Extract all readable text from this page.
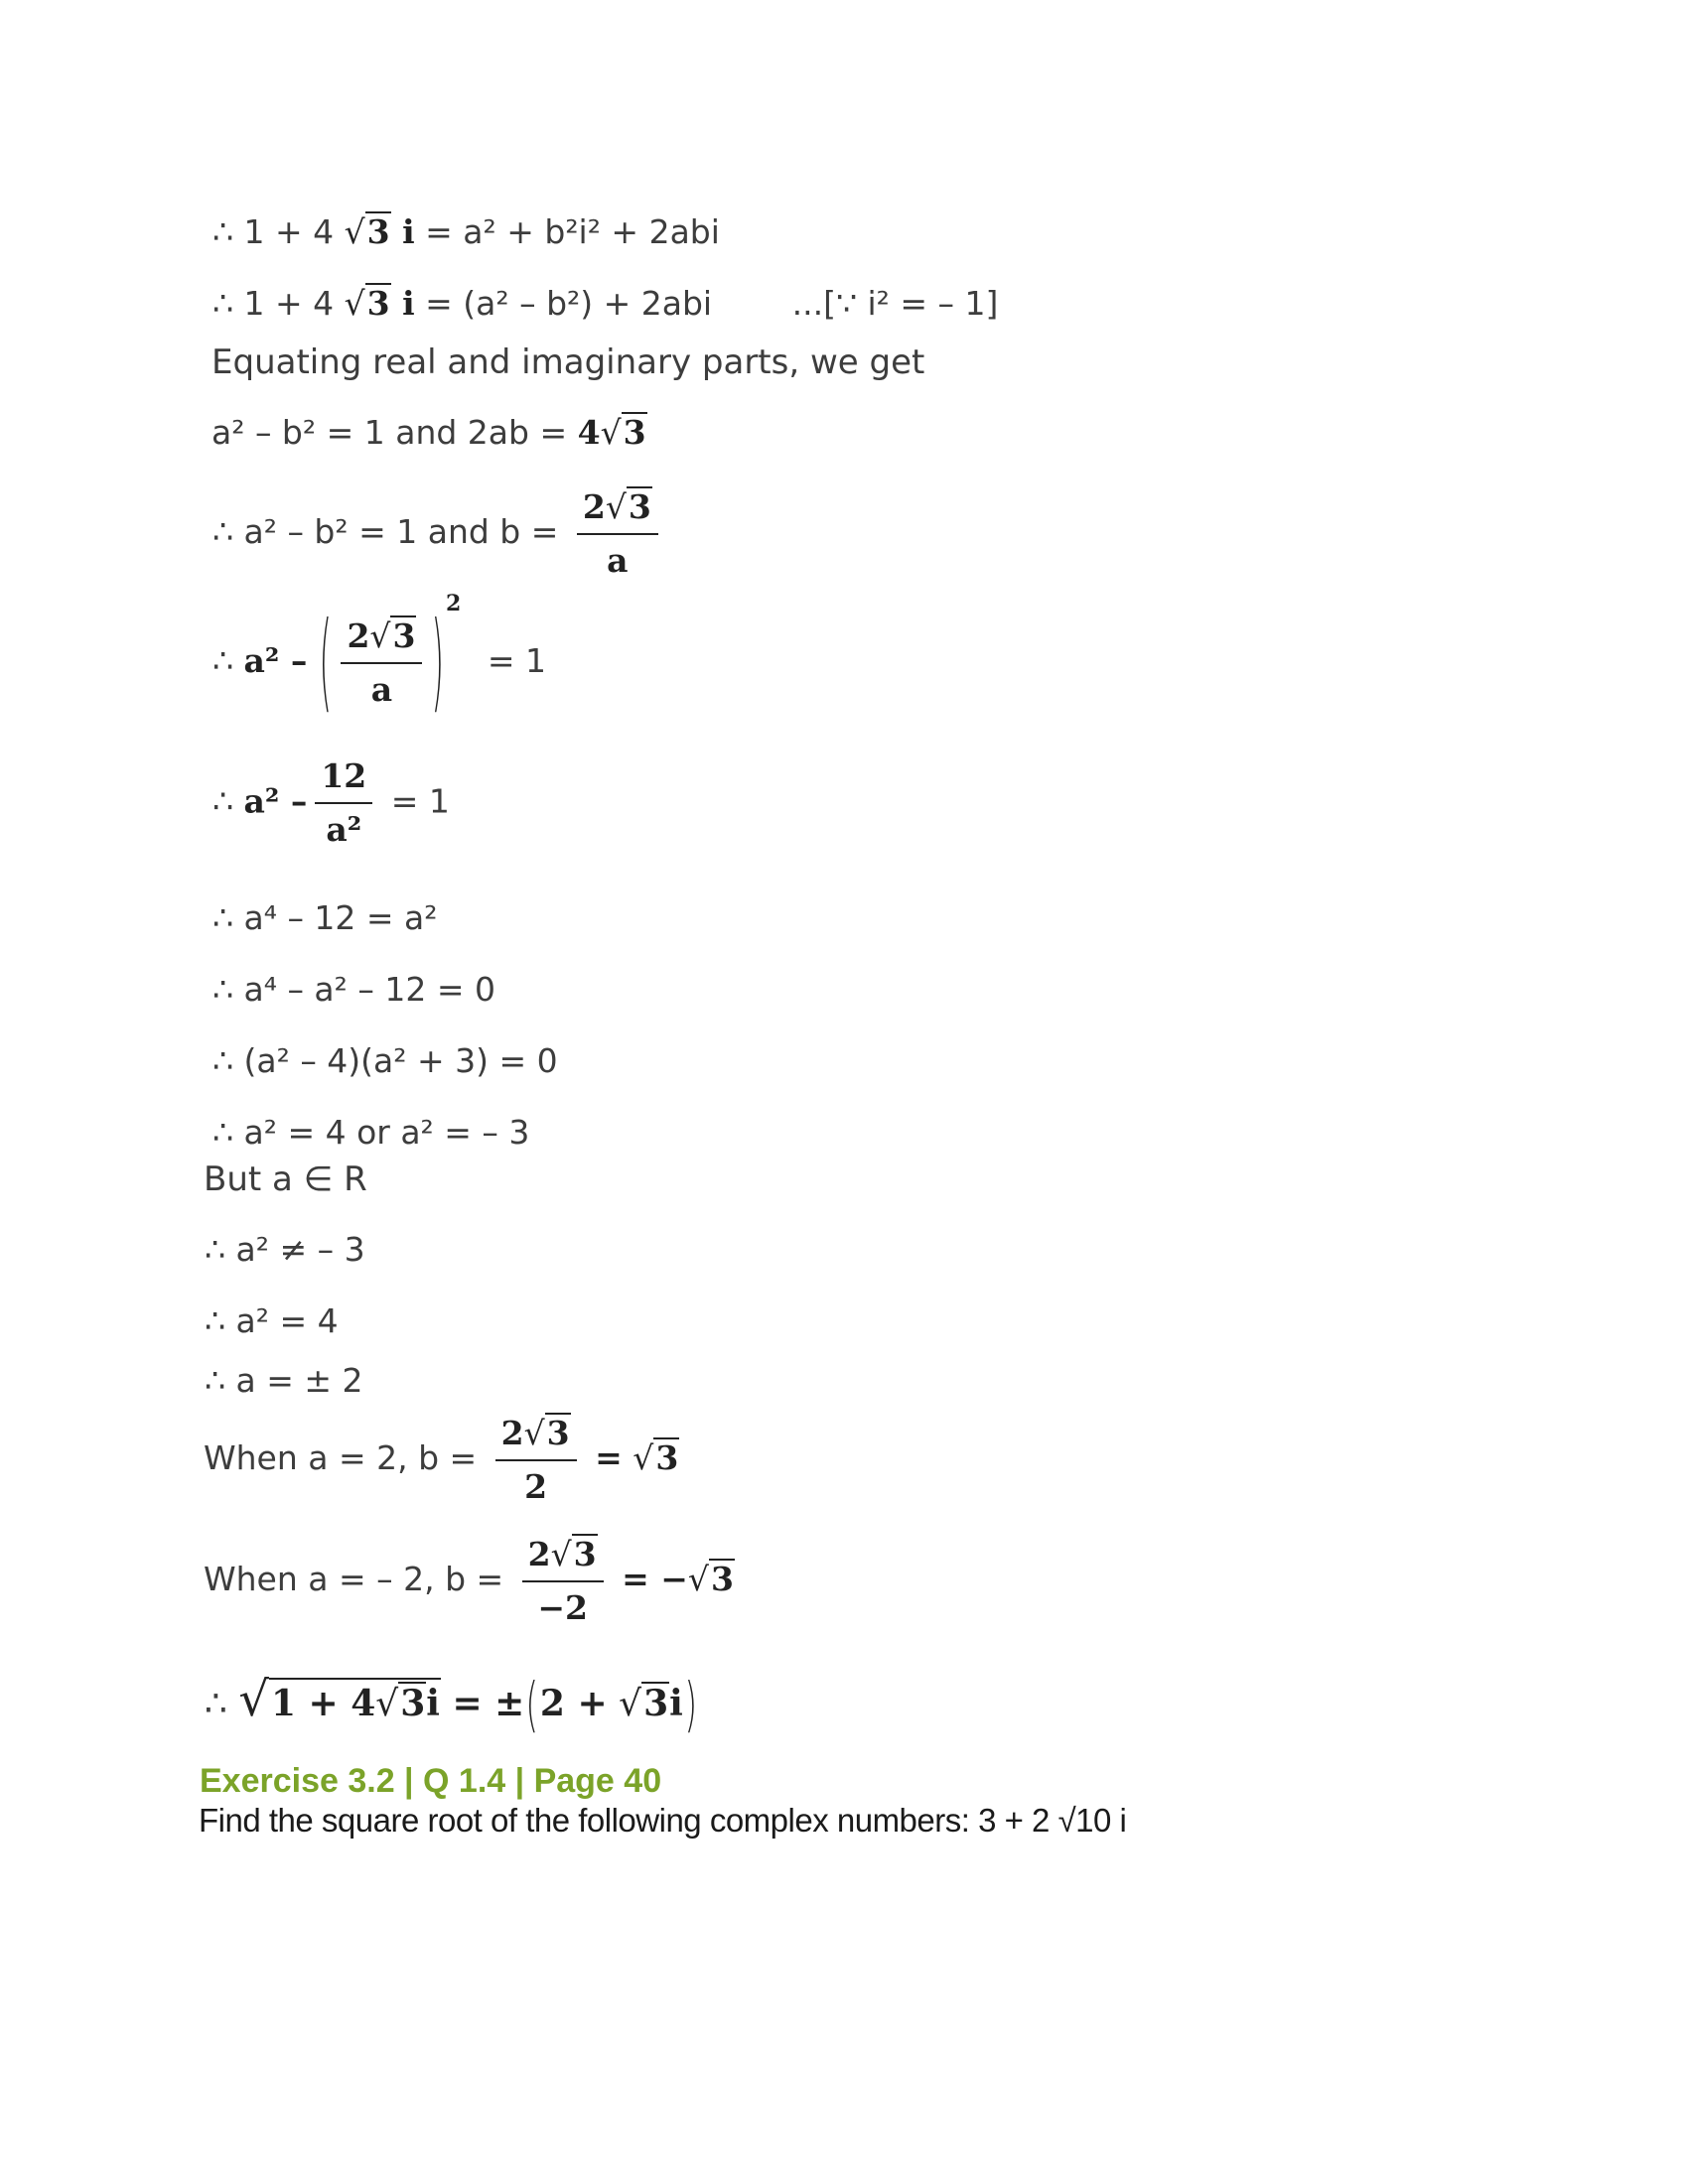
∴ 1 + 4 √3 i = a² + b²i² + 2abi
∴ 1 + 4 √3 i = (a² – b²) + 2abi ...[∵ i² = – 1]
Equating real and imaginary parts, we get
a² – b² = 1 and 2ab = 4√3
∴ a² – b² = 1 and $b = \frac{2√3}{a}$
∴ a² – ( $\frac{2√3}{a} )^2 = 1$
∴ $a^2 - \frac{12}{\text{a²}} = 1$
∴ a⁴ – 12 = a²
∴ a⁴ – a² – 12 = 0
∴ (a² – 4)(a² + 3) = 0
∴ a² = 4 or a² = – 3
But a ∈ R
∴ a² ≠ – 3
∴ a² = 4
∴ a = ± 2
When a = 2, $b = \frac{2√3}{2} = √3$
When a = – 2, $b = \frac{2√3}{-2} = -√3$
∴ √1 + 4√3i = ±(2 + √3i)
Exercise 3.2 | Q 1.4 | Page 40
Find the square root of the following complex numbers: 3 + 2 √10 i
